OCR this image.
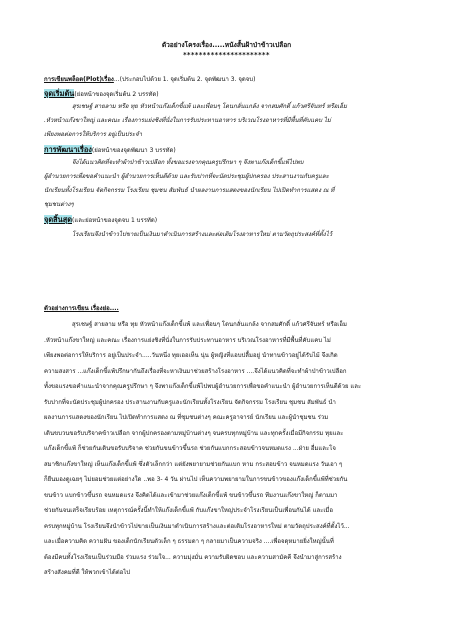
ตัวอย่างโครงเรื่อง.....หนังสั้นฝ้าป่าข้าวเปลือก
**********************
การเขียนพล็อต(Plot)เรื่อง...(ประกอบไปด้วย 1. จุดเริ่มต้น 2. จุดพัฒนา 3. จุดจบ)
จุดเริ่มต้น(ย่อหน้าของจุดเริ่มต้น 2 บรรทัด)
สุรเชษฐ์ สายลาม หรือ ทุย หัวหน้าแก๊งเด็กขี้แพ้ และเพื่อนๆ โดนกลั่นแกล้ง จากสมศักดิ์ แก้วศรีจันทร์ หรือเอ็ม
.หัวหน้าแก๊งขาใหญ่ และคณะ เรื่องการแย่งชิงที่นั่งในการรับประทานอาหาร บริเวณโรงอาหารที่มีพื้นที่คับแคบ ไม่
เพียงพอต่อการให้บริการ อยู่เป็นประจำ
การพัฒนาเรื่อง(ย่อหน้าของจุดพัฒนา 3 บรรทัด)
จึงได้แนวคิดที่จะทำผ้าป่าข้าวเปลือก ทั้งขอแรงจากคุณครูปรึกษา ๆ จึงพาแก๊งเด็กขี้แพ้ไปพบ
ผู้อำนวยการเพื่อขอคำแนะนำ ผู้อำนวยการเห็นดีด้วย และรับปากที่จะนัดประชุมผู้ปกครอง ประสานงานกับครูและ
นักเรียนทั้งโรงเรียน จัดกิจกรรม โรงเรียน ชุมชน สัมพันธ์ นำผลงานการแสดงของนักเรียน ไปเปิดทำการแสดง ณ ที่
ชุมชนต่างๆ
จุดสิ้นสุด(และย่อหน้าของจุดจบ 1 บรรทัด)
โรงเรียนจึงนำข้าวไปขายเป็นเงินมาดำเนินการสร้างและต่อเติมโรงอาหารใหม่ ตามวัตถุประสงค์ที่ตั้งไว้
ตัวอย่างการเขียน เรื่องย่อ....
สุรเชษฐ์ สายลาม หรือ ทุย หัวหน้าแก๊งเด็กขี้แพ้ และเพื่อนๆ โดนกลั่นแกล้ง จากสมศักดิ์ แก้วศรีจันทร์ หรือเอ็ม
.หัวหน้าแก๊งขาใหญ่ และคณะ เรื่องการแย่งชิงที่นั่งในการรับประทานอาหาร บริเวณโรงอาหารที่มีพื้นที่คับแคบ ไม่
เพียงพอต่อการให้บริการ อยู่เป็นประจำ.....วันหนึ่ง ทุยเออเห็น นุ่น ผู้หญิงที่แอบปลื้มอยู่ นำทานข้าวอยู่ได้รับไม้ จึงเกิด
ความสงสาร ...แก๊งเด็กขี้แพ้ปรึกษากันถึงเรื่องที่จะหาเงินมาช่วยสร้างโรงอาหาร ....จึงได้แนวคิดที่จะทำผ้าป่าข้าวเปลือก
ทั้งขอแรงขอคำแนะนำจากคุณครูปรึกษา ๆ จึงพาแก๊งเด็กขี้แพ้ไปพบผู้อำนวยการเพื่อขอคำแนะนำ ผู้อำนวยการเห็นดีด้วย และ
รับปากที่จะนัดประชุมผู้ปกครอง ประสานงานกับครูและนักเรียนทั้งโรงเรียน จัดกิจกรรม โรงเรียน ชุมชน สัมพันธ์ นำ
ผลงานการแสดงของนักเรียน ไปเปิดทำการแสดง ณ ที่ชุมชนต่างๆ คณะครูอาจารย์ นักเรียน และผู้นำชุมชน ร่วม
เดินขบวนขอรับบริจาคข้าวเปลือก จากผู้ปกครองตามหมู่บ้านต่างๆ จนครบทุกหมู่บ้าน และทุกครั้งเมื่อมีกิจกรรม ทุยและ
แก๊งเด็กขี้แพ้ ก็ช่วยกันเดินขอรับบริจาค ช่วยกันขนข้าวขึ้นรถ ช่วยกันแบกกระสอบข้าวจนหมดแรง ...ฝ่าย อื่มและโจ
สมาชิกแก๊งขาใหญ่ เห็นแก๊งเด็กขี้แพ้ ซึ่งตัวเล็กกว่า แต่ยังพยายามช่วยกันแบก หาม กระสอบข้าว จนหมดแรง วันเอา ๆ
ก็ยืนมองดูเฉยๆ ไม่ยอมช่วยแต่อย่างใด ..พอ 3- 4 วัน ผ่านไป เห็นความพยายามในการขนข้าวของแก๊งเด็กขี้แพ้ที่ช่วยกัน
ขนข้าว แบกข้าวขึ้นรถ จนหมดแรง จึงคิดได้และเข้ามาช่วยแก๊งเด็กขี้แพ้ ขนข้าวขึ้นรถ ทีมงานแก๊งขาใหญ่ ก็ตามมา
ช่วยกันจนเสร็จเรียบร้อย เหตุการณ์ครั้งนี้ทำให้แก๊งเด็กขี้แพ้ กับแก๊งขาใหญ่ประจำโรงเรียนเป็นเพื่อนกันได้ และเมื่อ
ครบทุกหมู่บ้าน โรงเรียนจึงนำข้าวไปขายเป็นเงินมาดำเนินการสร้างและต่อเติมโรงอาหารใหม่ ตามวัตถุประสงค์ที่ตั้งไว้...
และเมื่อความคิด ความฝัน ของเด็กนักเรียนตัวเล็ก ๆ ธรรมดา ๆ กลายมาเป็นความจริง ....เพื่อจดุหมายยิ่งใหญ่นั้นที่
ต้องมีคนทั้งโรงเรียนเป็นร่วมมือ ร่วมแรง ร่วมใจ... ความมุ่งมั่น ความรับผิดชอบ และความสามัคคี จึงนำมาสู่การสร้าง
สร้างสังคมที่ดี ให้พวกเข้าได้ต่อไป
